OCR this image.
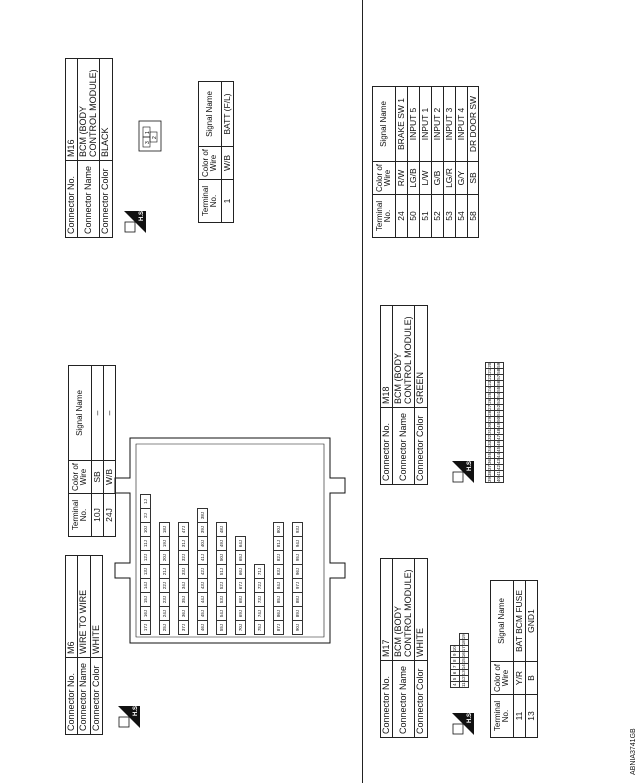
Connector No.	M6
Connector Name	WIRE TO WIRE
Connector Color	WHITE
H.S.
17J	16J	15J	14J	13J	12J	11J	10J	2J	1J
25J	24J	23J	22J	21J	20J	19J	18J
37J	36J	35J	34J	33J	32J	31J	47J
46J	45J	44J	43J	42J	41J	40J	39J	38J
55J	54J	53J	52J	51J	50J	49J	48J
70J	69J	68J	67J	66J	65J	64J
75J	74J	73J	72J	71J
87J	86J	85J	84J	83J	82J	81J	80J
90J	89J	88J	97J	96J	95J	94J	93J
Terminal No.	Color of Wire	Signal Name
10J	SB	–
24J	W/B	–
Connector No.	M16
Connector Name	BCM (BODY CONTROL MODULE)
Connector Color	BLACK
H.S.
3
1
2
Terminal No.	Color of Wire	Signal Name
1	W/B	BATT (F/L)
Connector No.	M17
Connector Name	BCM (BODY CONTROL MODULE)
Connector Color	WHITE
H.S.
4	5	6	7	8	9	10		
11	12	13	14	15	16	17	18	19
Terminal No.	Color of Wire	Signal Name
11	Y/R	BAT BCM FUSE
13	B	GND1
Connector No.	M18
Connector Name	BCM (BODY CONTROL MODULE)
Connector Color	GREEN
H.S.
39	38	37	36	35	34	33	32	31	30	29	28	27	26	25	24	23	22	21	20
40	41	42	43	44	45	46	47	48	49	50	51	52	53	54	55	56	57	58	59
Terminal No.	Color of Wire	Signal Name
24	R/W	BRAKE SW 1
50	LG/B	INPUT 5
51	L/W	INPUT 1
52	G/B	INPUT 2
53	LG/R	INPUT 3
54	G/Y	INPUT 4
58	SB	DR DOOR SW
ABNIA3741GB
